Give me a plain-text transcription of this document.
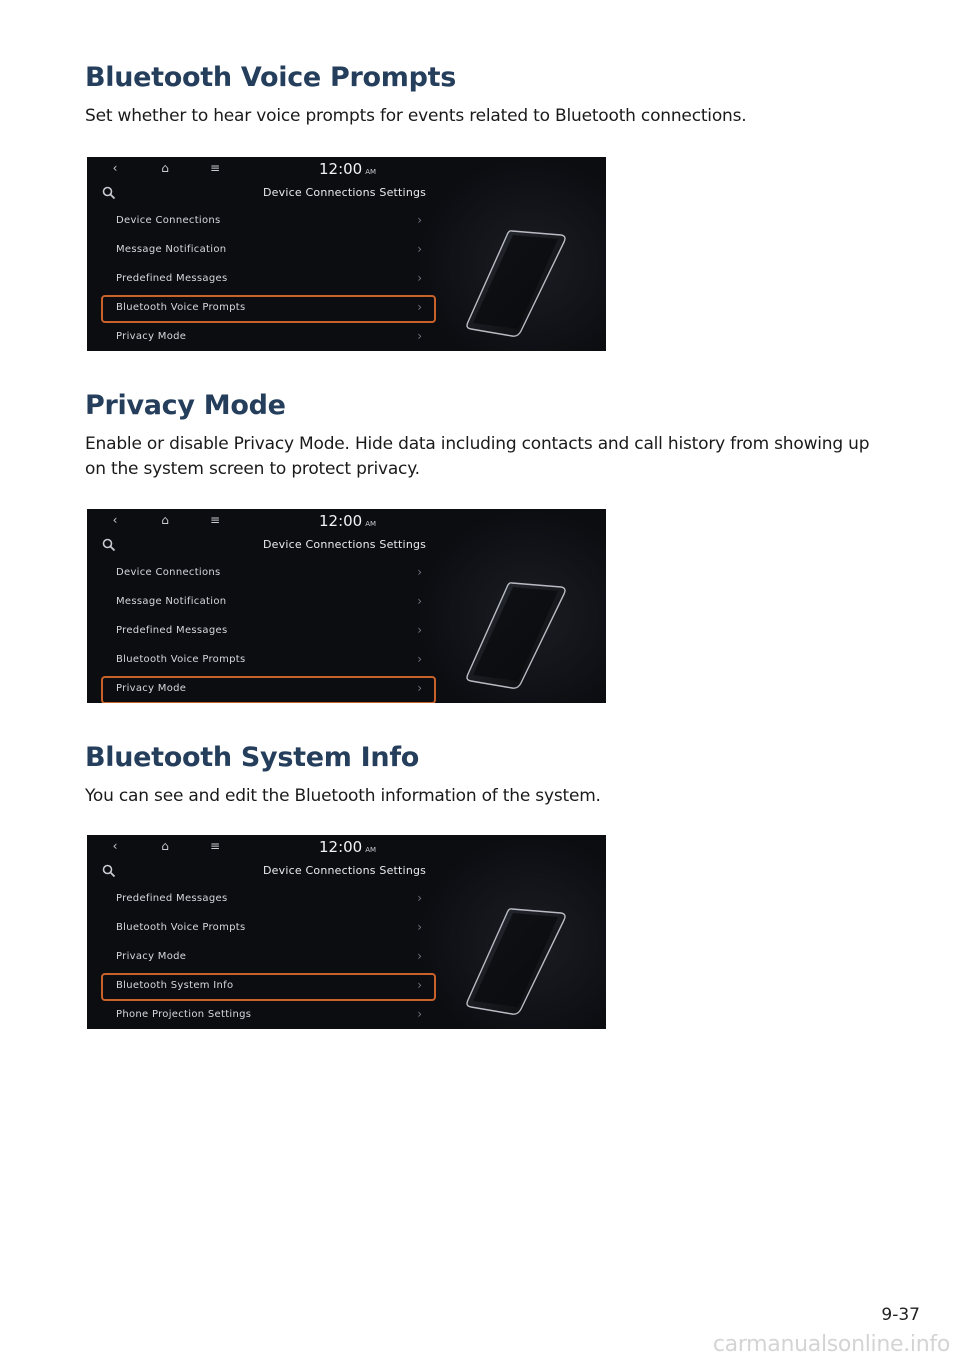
Bluetooth Voice Prompts

Set whether to hear voice prompts for events related to Bluetooth connections.

‹	⌂	≡	12:00 AM
Device Connections Settings
Device Connections	›
Message Notification	›
Predefined Messages	›
Bluetooth Voice Prompts	›
Privacy Mode	›
Privacy Mode

Enable or disable Privacy Mode. Hide data including contacts and call history from showing up on the system screen to protect privacy.

‹	⌂	≡	12:00 AM
Device Connections Settings
Device Connections	›
Message Notification	›
Predefined Messages	›
Bluetooth Voice Prompts	›
Privacy Mode	›
Bluetooth System Info

You can see and edit the Bluetooth information of the system.

‹	⌂	≡	12:00 AM
Device Connections Settings
Predefined Messages	›
Bluetooth Voice Prompts	›
Privacy Mode	›
Bluetooth System Info	›
Phone Projection Settings	›
9-37
carmanualsonline.info
